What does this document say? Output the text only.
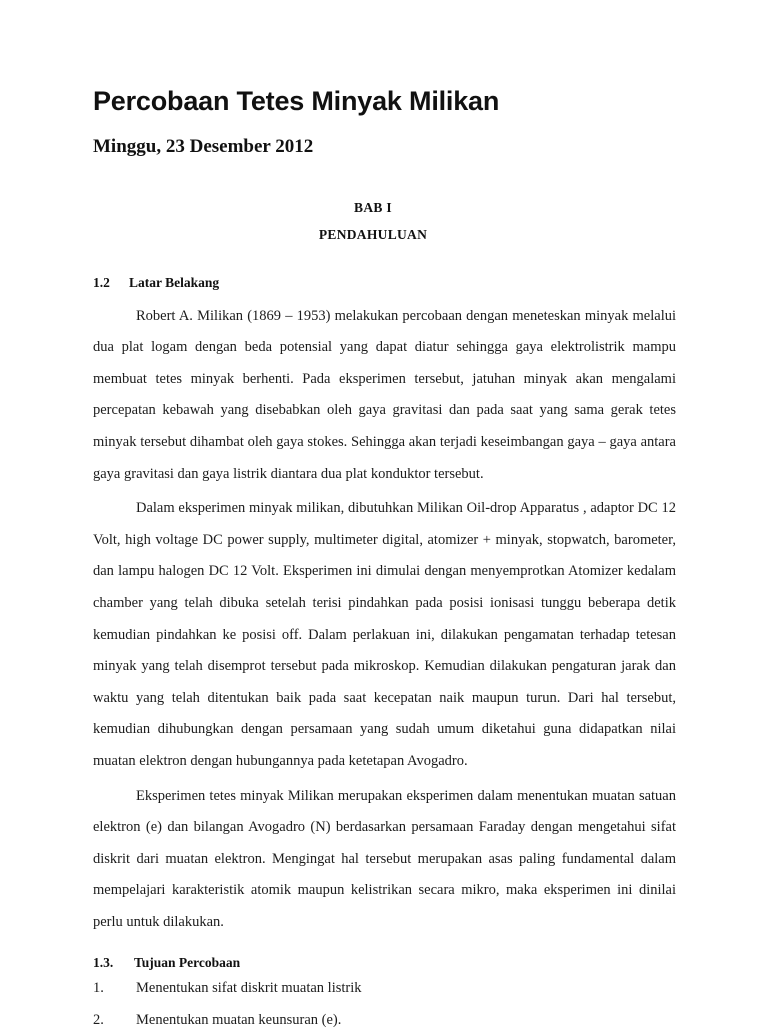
Percobaan Tetes Minyak Milikan
Minggu, 23 Desember 2012

BAB I

PENDAHULUAN

1.2	Latar Belakang

Robert A. Milikan (1869 – 1953) melakukan percobaan dengan meneteskan minyak melalui dua plat logam dengan beda potensial yang dapat diatur sehingga gaya elektrolistrik mampu membuat tetes minyak berhenti. Pada eksperimen tersebut, jatuhan minyak akan mengalami percepatan kebawah yang disebabkan oleh gaya gravitasi dan pada saat yang sama gerak tetes minyak tersebut dihambat oleh gaya stokes. Sehingga akan terjadi keseimbangan gaya – gaya antara gaya gravitasi dan gaya listrik diantara dua plat konduktor tersebut.

Dalam eksperimen minyak milikan, dibutuhkan Milikan Oil-drop Apparatus , adaptor DC 12 Volt, high voltage DC power supply, multimeter digital, atomizer + minyak, stopwatch, barometer, dan lampu halogen DC 12 Volt. Eksperimen ini dimulai dengan menyemprotkan Atomizer kedalam chamber yang telah dibuka setelah terisi pindahkan pada posisi ionisasi tunggu beberapa detik kemudian pindahkan ke posisi off. Dalam perlakuan ini, dilakukan pengamatan terhadap tetesan minyak yang telah disemprot tersebut pada mikroskop. Kemudian dilakukan pengaturan jarak dan waktu yang telah ditentukan baik pada saat kecepatan naik maupun turun. Dari hal tersebut, kemudian dihubungkan dengan persamaan yang sudah umum diketahui guna didapatkan nilai muatan elektron dengan hubungannya pada ketetapan Avogadro.

Eksperimen tetes minyak Milikan merupakan eksperimen dalam menentukan muatan satuan elektron (e) dan bilangan Avogadro (N) berdasarkan persamaan Faraday dengan mengetahui sifat diskrit dari muatan elektron. Mengingat hal tersebut merupakan asas paling fundamental dalam mempelajari karakteristik atomik maupun kelistrikan secara mikro, maka eksperimen ini dinilai perlu untuk dilakukan.

1.3.	Tujuan Percobaan
1.	Menentukan sifat diskrit muatan listrik
2.	Menentukan muatan keunsuran (e).
